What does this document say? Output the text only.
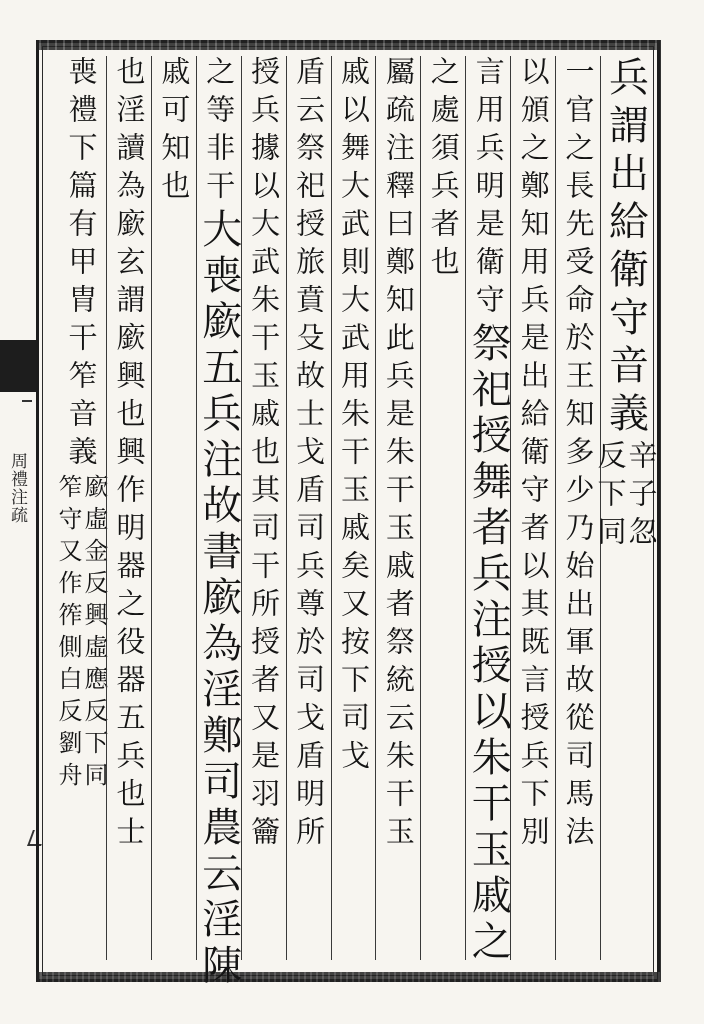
周禮注疏
兵謂出給衛守音義
辛子忽
反下同
一官之長先受命於王知多少乃始出軍故從司馬法
以頒之鄭知用兵是出給衛守者以其既言授兵下別
言用兵明是衛守
祭祀授舞者兵注授以朱干玉戚之
之處須兵者也
屬疏注釋曰鄭知此兵是朱干玉戚者祭統云朱干玉
戚以舞大武則大武用朱干玉戚矣又按下司戈
盾云祭祀授旅賁殳故士戈盾司兵尊於司戈盾明所
授兵據以大武朱干玉戚也其司干所授者又是羽籥
之等非干
大喪廞五兵注故書廞為淫鄭司農云淫陳
戚可知也
也淫讀為廞玄謂廞興也興作明器之役器五兵也士
喪禮下篇有甲胄干笮音義
廞虛金反興虛應反下同
笮守又作筰側白反劉舟
